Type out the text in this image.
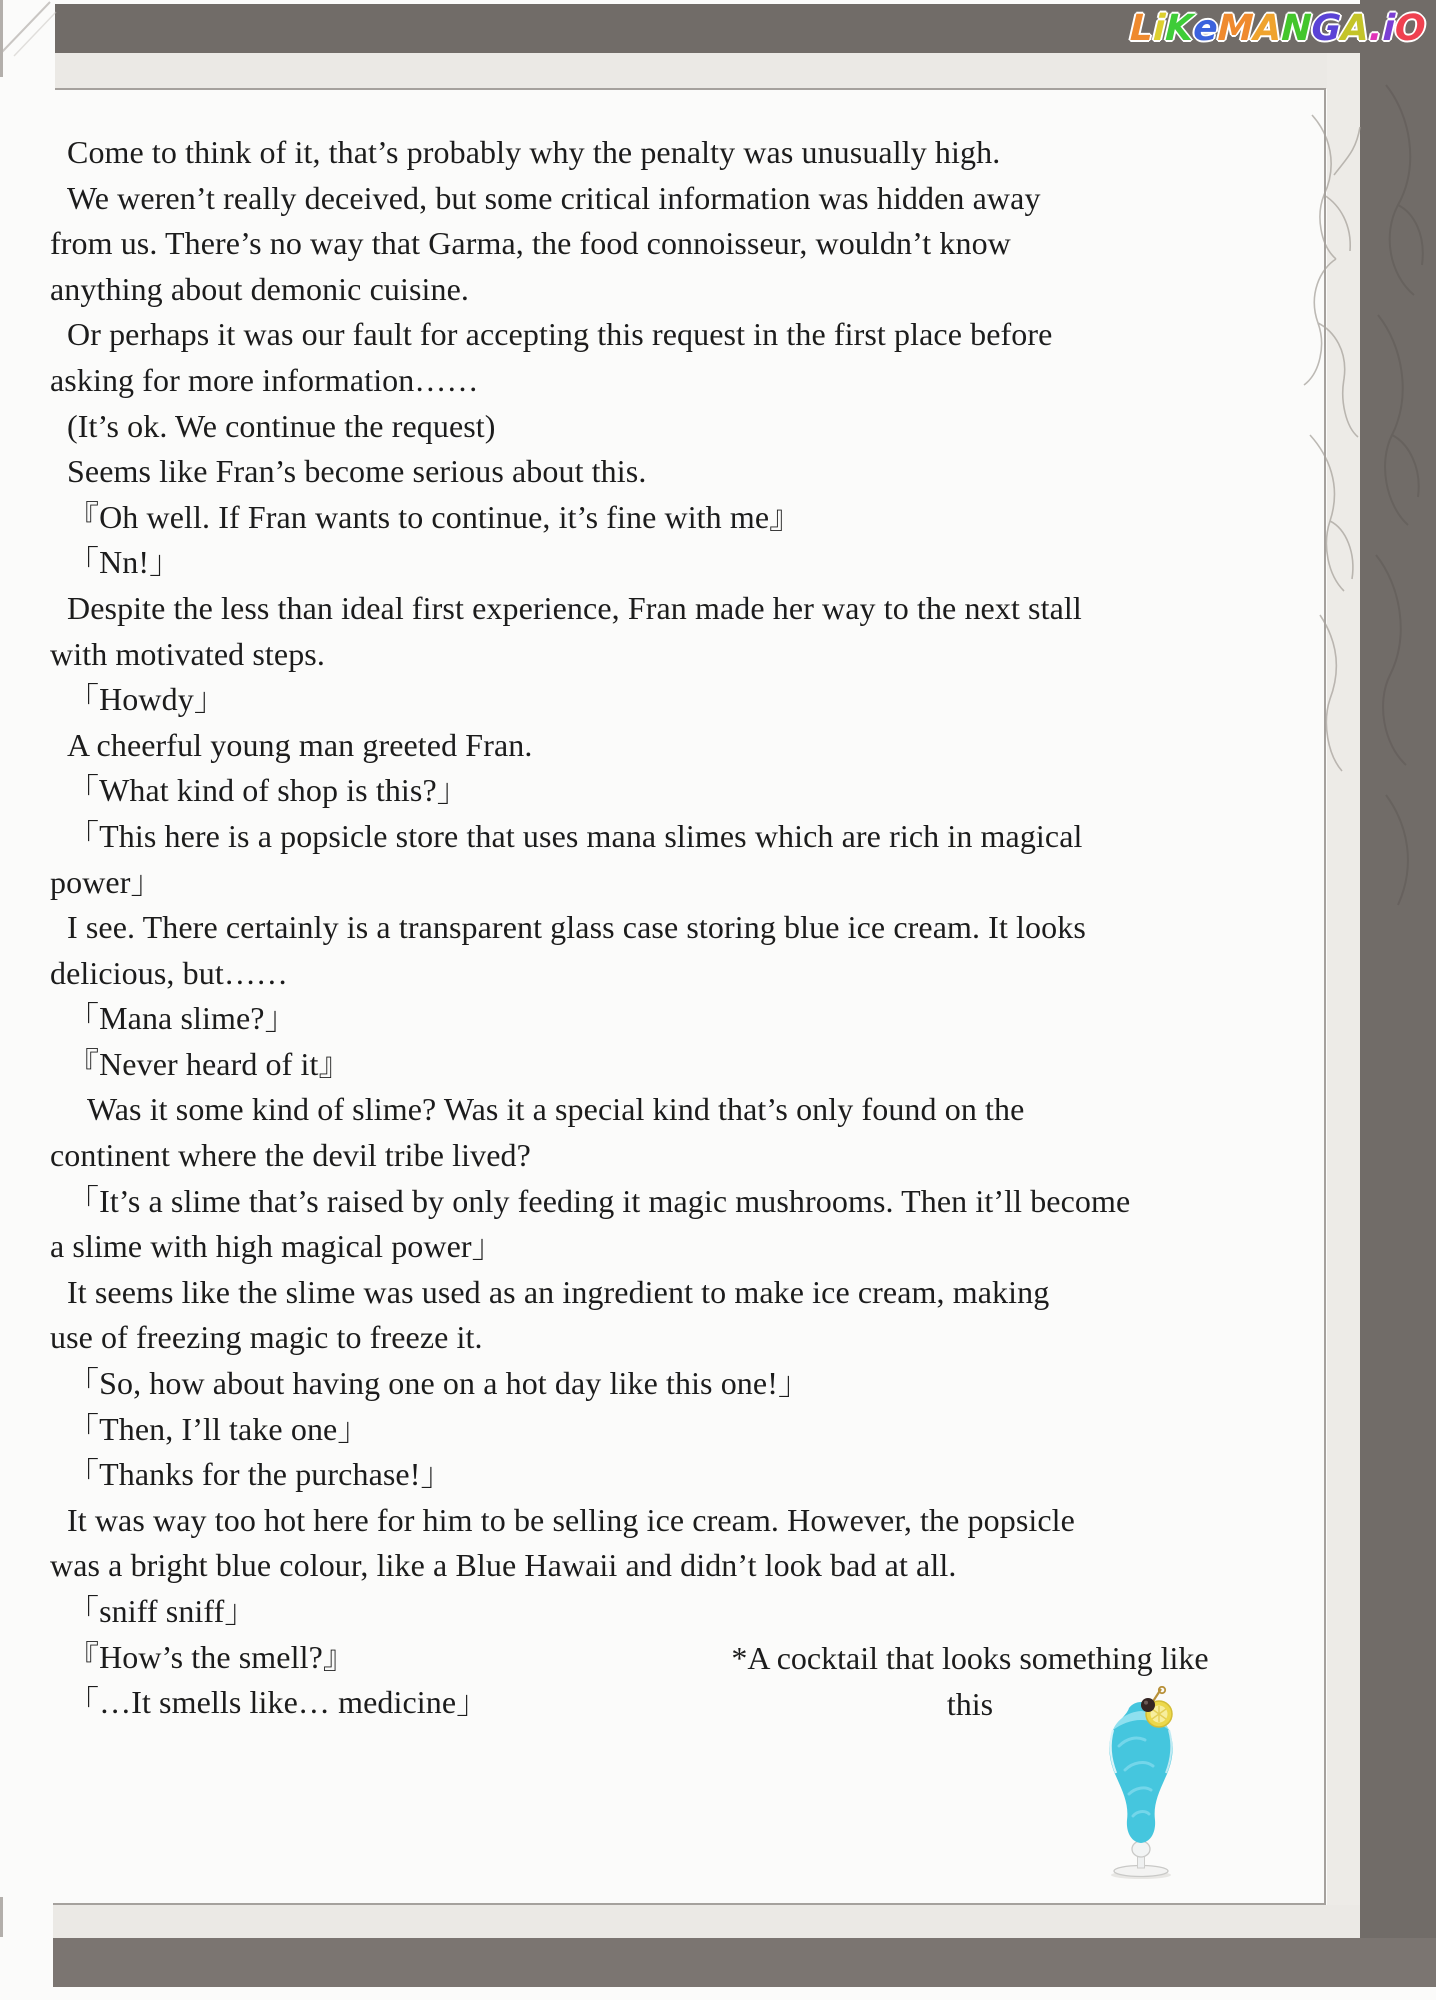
LiKeMANGA.iO
Come to think of it, that’s probably why the penalty was unusually high.
We weren’t really deceived, but some critical information was hidden away
from us. There’s no way that Garma, the food connoisseur, wouldn’t know
anything about demonic cuisine.
Or perhaps it was our fault for accepting this request in the first place before
asking for more information……
(It’s ok. We continue the request)
Seems like Fran’s become serious about this.
『Oh well. If Fran wants to continue, it’s fine with me』
「Nn!」
Despite the less than ideal first experience, Fran made her way to the next stall
with motivated steps.
「Howdy」
A cheerful young man greeted Fran.
「What kind of shop is this?」
「This here is a popsicle store that uses mana slimes which are rich in magical
power」
I see. There certainly is a transparent glass case storing blue ice cream. It looks
delicious, but……
「Mana slime?」
『Never heard of it』
Was it some kind of slime? Was it a special kind that’s only found on the
continent where the devil tribe lived?
「It’s a slime that’s raised by only feeding it magic mushrooms. Then it’ll become
a slime with high magical power」
It seems like the slime was used as an ingredient to make ice cream, making
use of freezing magic to freeze it.
「So, how about having one on a hot day like this one!」
「Then, I’ll take one」
「Thanks for the purchase!」
It was way too hot here for him to be selling ice cream. However, the popsicle
was a bright blue colour, like a Blue Hawaii and didn’t look bad at all.
「sniff sniff」
『How’s the smell?』
「…It smells like… medicine」
*A cocktail that looks something like
this
